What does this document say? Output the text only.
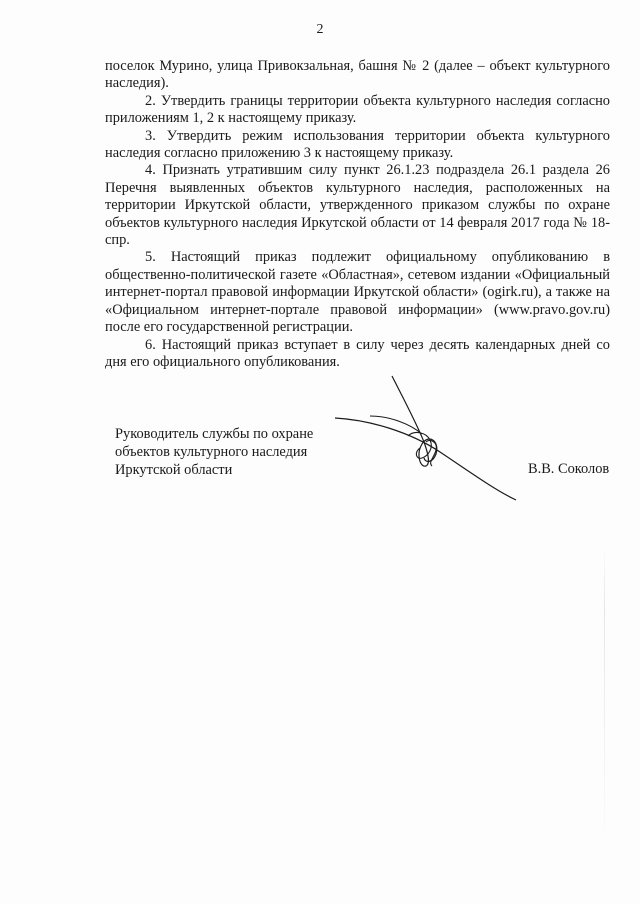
2

поселок Мурино, улица Привокзальная, башня № 2 (далее – объект культурного наследия).

2. Утвердить границы территории объекта культурного наследия согласно приложениям 1, 2 к настоящему приказу.

3. Утвердить режим использования территории объекта культурного наследия согласно приложению 3 к настоящему приказу.

4. Признать утратившим силу пункт 26.1.23 подраздела 26.1 раздела 26 Перечня выявленных объектов культурного наследия, расположенных на территории Иркутской области, утвержденного приказом службы по охране объектов культурного наследия Иркутской области от 14 февраля 2017 года № 18-спр.

5. Настоящий приказ подлежит официальному опубликованию в общественно-политической газете «Областная», сетевом издании «Официальный интернет-портал правовой информации Иркутской области» (ogirk.ru), а также на «Официальном интернет-портале правовой информации» (www.pravo.gov.ru) после его государственной регистрации.

6. Настоящий приказ вступает в силу через десять календарных дней со дня его официального опубликования.

Руководитель службы по охране
объектов культурного наследия
Иркутской области	В.В. Соколов
